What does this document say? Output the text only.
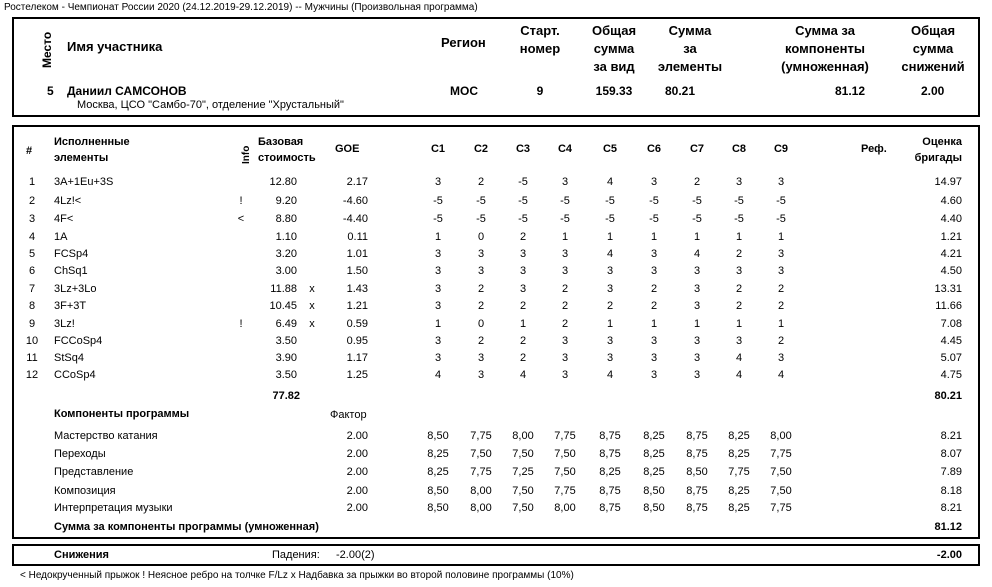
Ростелеком - Чемпионат России 2020 (24.12.2019-29.12.2019) -- Мужчины (Произвольная программа)
Место Имя участника	Регион
Старт.
номер
Общая
сумма
за вид
Сумма
за
элементы
Сумма за
компоненты
(умноженная)
Общая
сумма
снижений
5 Даниил САМСОНОВ
Москва, ЦСО "Самбо-70", отделение "Хрустальный"
МОС	9	159.33	80.21	81.12	2.00
#
Исполненные
элементы	Info
Базовая
стоимость
GOE	C1	C2	C3	C4	C5	C6	C7	C8	C9	Реф.
Оценка
бригады
1	3A+1Eu+3S	12.80	2.17	3	2	-5	3	4	3	2	3	3	14.97
2	4Lz!<	!	9.20	-4.60	-5	-5	-5	-5	-5	-5	-5	-5	-5	4.60
3	4F<	<	8.80	-4.40	-5	-5	-5	-5	-5	-5	-5	-5	-5	4.40
4	1A	1.10	0.11	1	0	2	1	1	1	1	1	1	1.21
5	FCSp4	3.20	1.01	3	3	3	3	4	3	4	2	3	4.21
6	ChSq1	3.00	1.50	3	3	3	3	3	3	3	3	3	4.50
7	3Lz+3Lo	11.88	x	1.43	3	2	3	2	3	2	3	2	2	13.31
8	3F+3T	10.45	x	1.21	3	2	2	2	2	2	3	2	2	11.66
9	3Lz!	!	6.49	x	0.59	1	0	1	2	1	1	1	1	1	7.08
10	FCCoSp4	3.50	0.95	3	2	2	3	3	3	3	3	2	4.45
11	StSq4	3.90	1.17	3	3	2	3	3	3	3	4	3	5.07
12	CCoSp4	3.50	1.25	4	3	4	3	4	3	3	4	4	4.75
77.82	80.21
Компоненты программы	Фактор
Мастерство катания	2.00	8,50	7,75	8,00	7,75	8,75	8,25	8,75	8,25	8,00	8.21
Переходы	2.00	8,25	7,50	7,50	7,50	8,75	8,25	8,75	8,25	7,75	8.07
Представление	2.00	8,25	7,75	7,25	7,50	8,25	8,25	8,50	7,75	7,50	7.89
Композиция	2.00	8,50	8,00	7,50	7,75	8,75	8,50	8,75	8,25	7,50	8.18
Интерпретация музыки	2.00	8,50	8,00	7,50	8,00	8,75	8,50	8,75	8,25	7,75	8.21
Сумма за компоненты программы (умноженная)	81.12
Снижения	Падения: -2.00(2)	-2.00
< Недокрученный прыжок ! Неясное ребро на толчке F/Lz x Надбавка за прыжки во второй половине программы (10%)
